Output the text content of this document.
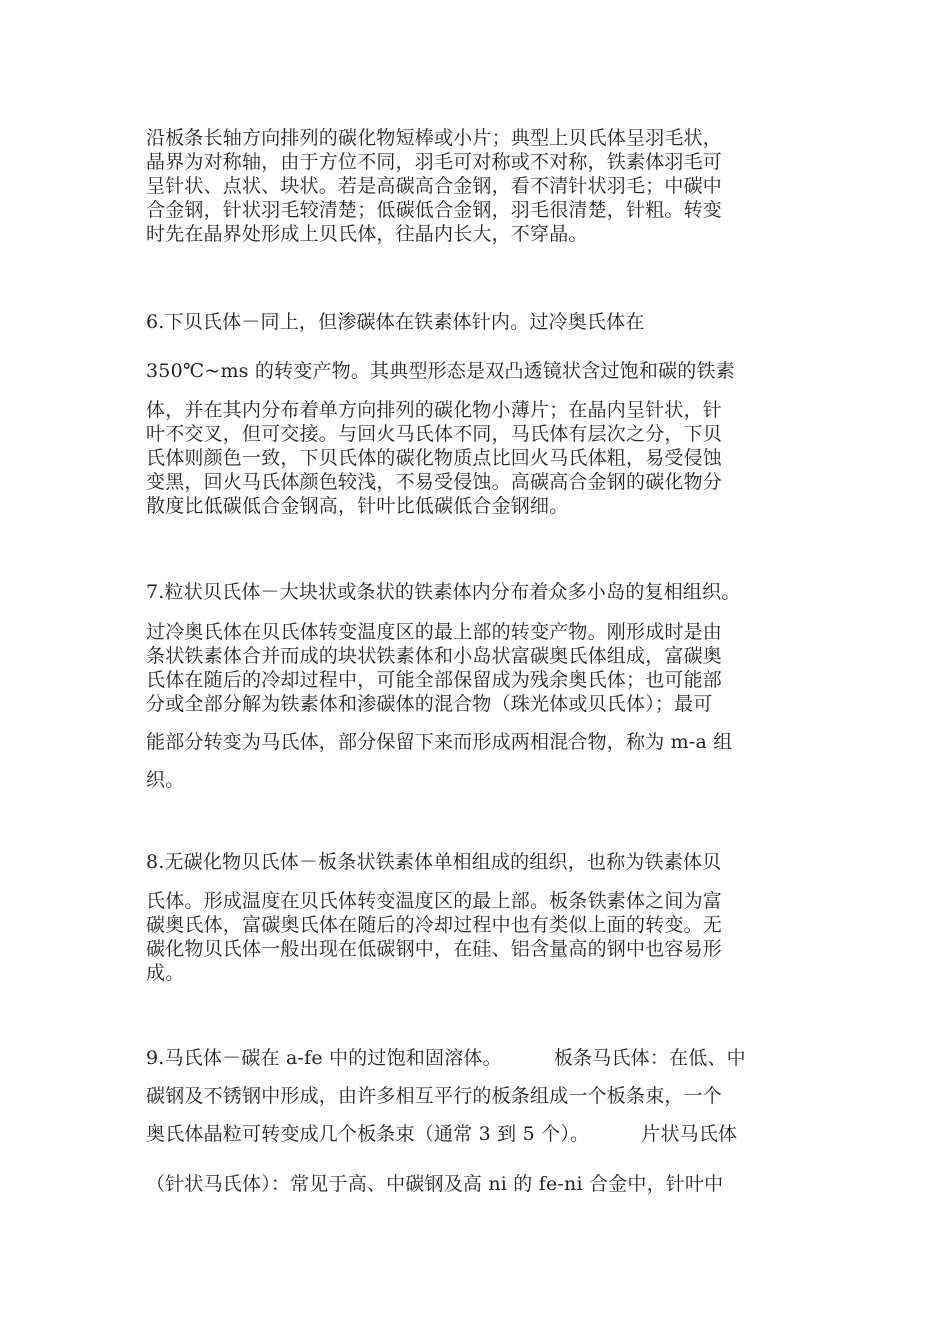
沿板条长轴方向排列的碳化物短棒或小片；典型上贝氏体呈羽毛状，
晶界为对称轴，由于方位不同，羽毛可对称或不对称，铁素体羽毛可
呈针状、点状、块状。若是高碳高合金钢，看不清针状羽毛；中碳中
合金钢，针状羽毛较清楚；低碳低合金钢，羽毛很清楚，针粗。转变
时先在晶界处形成上贝氏体，往晶内长大，不穿晶。
6.下贝氏体－同上，但渗碳体在铁素体针内。过冷奥氏体在
350℃~ms 的转变产物。其典型形态是双凸透镜状含过饱和碳的铁素
体，并在其内分布着单方向排列的碳化物小薄片；在晶内呈针状，针
叶不交叉，但可交接。与回火马氏体不同，马氏体有层次之分，下贝
氏体则颜色一致，下贝氏体的碳化物质点比回火马氏体粗，易受侵蚀
变黑，回火马氏体颜色较浅，不易受侵蚀。高碳高合金钢的碳化物分
散度比低碳低合金钢高，针叶比低碳低合金钢细。
7.粒状贝氏体－大块状或条状的铁素体内分布着众多小岛的复相组织。
过冷奥氏体在贝氏体转变温度区的最上部的转变产物。刚形成时是由
条状铁素体合并而成的块状铁素体和小岛状富碳奥氏体组成，富碳奥
氏体在随后的冷却过程中，可能全部保留成为残余奥氏体；也可能部
分或全部分解为铁素体和渗碳体的混合物（珠光体或贝氏体）；最可
能部分转变为马氏体，部分保留下来而形成两相混合物，称为 m-a 组
织。
8.无碳化物贝氏体－板条状铁素体单相组成的组织，也称为铁素体贝
氏体。形成温度在贝氏体转变温度区的最上部。板条铁素体之间为富
碳奥氏体，富碳奥氏体在随后的冷却过程中也有类似上面的转变。无
碳化物贝氏体一般出现在低碳钢中，在硅、铝含量高的钢中也容易形
成。
9.马氏体－碳在 a-fe 中的过饱和固溶体。	板条马氏体：在低、中
碳钢及不锈钢中形成，由许多相互平行的板条组成一个板条束，一个
奥氏体晶粒可转变成几个板条束（通常 3 到 5 个）。	片状马氏体
（针状马氏体）：常见于高、中碳钢及高 ni 的 fe-ni 合金中，针叶中
